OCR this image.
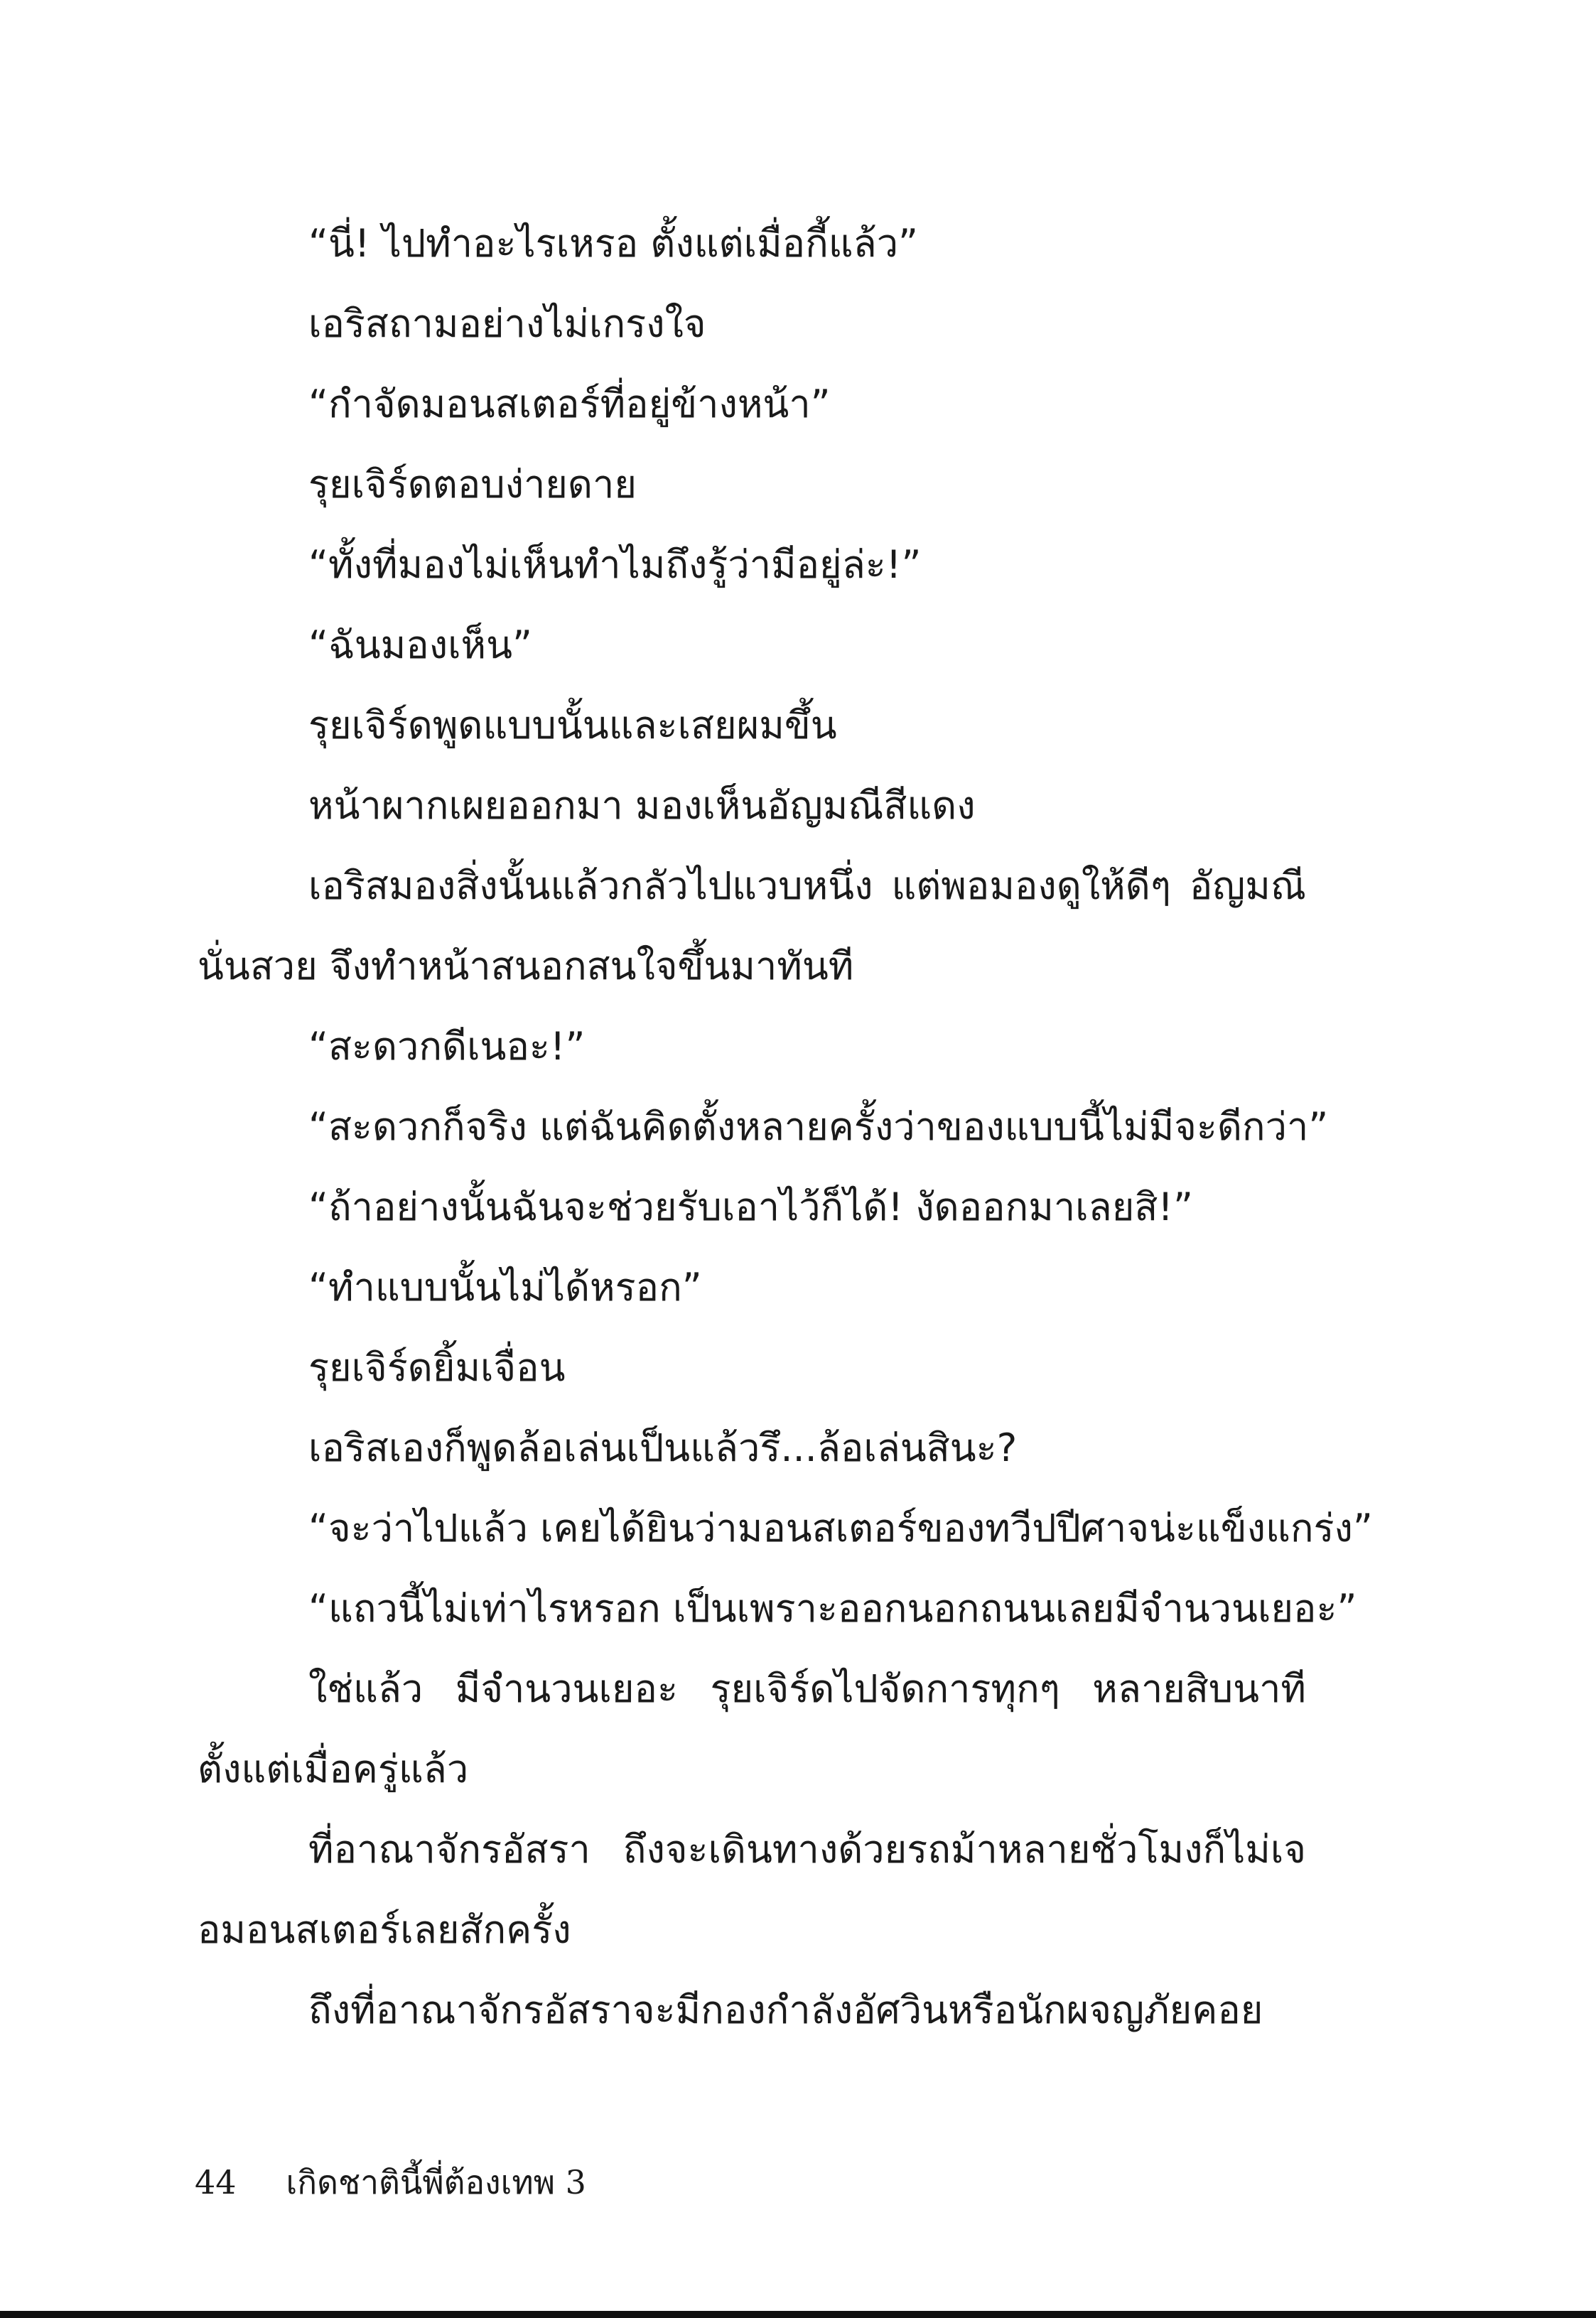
“นี่! ไปทำอะไรเหรอ ตั้งแต่เมื่อกี้แล้ว”

เอริสถามอย่างไม่เกรงใจ

“กำจัดมอนสเตอร์ที่อยู่ข้างหน้า”

รุยเจิร์ดตอบง่ายดาย

“ทั้งที่มองไม่เห็นทำไมถึงรู้ว่ามีอยู่ล่ะ!”

“ฉันมองเห็น”

รุยเจิร์ดพูดแบบนั้นและเสยผมขึ้น

หน้าผากเผยออกมา มองเห็นอัญมณีสีแดง

เอริสมองสิ่งนั้นแล้วกลัวไปแวบหนึ่ง แต่พอมองดูให้ดีๆ อัญมณีนั่นสวย จึงทำหน้าสนอกสนใจขึ้นมาทันที

“สะดวกดีเนอะ!”

“สะดวกก็จริง แต่ฉันคิดตั้งหลายครั้งว่าของแบบนี้ไม่มีจะดีกว่า”

“ถ้าอย่างนั้นฉันจะช่วยรับเอาไว้ก็ได้! งัดออกมาเลยสิ!”

“ทำแบบนั้นไม่ได้หรอก”

รุยเจิร์ดยิ้มเจื่อน

เอริสเองก็พูดล้อเล่นเป็นแล้วรึ...ล้อเล่นสินะ?

“จะว่าไปแล้ว เคยได้ยินว่ามอนสเตอร์ของทวีปปีศาจน่ะแข็งแกร่ง”

“แถวนี้ไม่เท่าไรหรอก เป็นเพราะออกนอกถนนเลยมีจำนวนเยอะ”

ใช่แล้ว มีจำนวนเยอะ รุยเจิร์ดไปจัดการทุกๆ หลายสิบนาทีตั้งแต่เมื่อครู่แล้ว

ที่อาณาจักรอัสรา ถึงจะเดินทางด้วยรถม้าหลายชั่วโมงก็ไม่เจอมอนสเตอร์เลยสักครั้ง

ถึงที่อาณาจักรอัสราจะมีกองกำลังอัศวินหรือนักผจญภัยคอย

44 เกิดชาตินี้พี่ต้องเทพ 3
